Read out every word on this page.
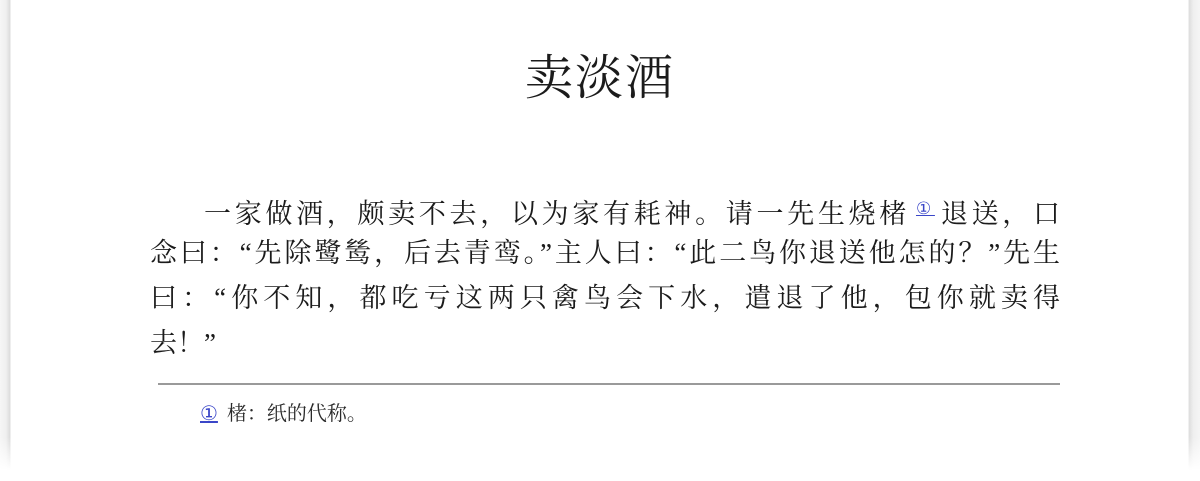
卖淡酒

一家做酒，颇卖不去，以为家有耗神。请一先生烧楮 ① 退送，口

念曰：“先除鹭鸶，后去青鸾。”主人曰：“此二鸟你退送他怎的？”先生

曰：“你不知，都吃亏这两只禽鸟会下水，遣退了他，包你就卖得

去！”

① 楮：纸的代称。
